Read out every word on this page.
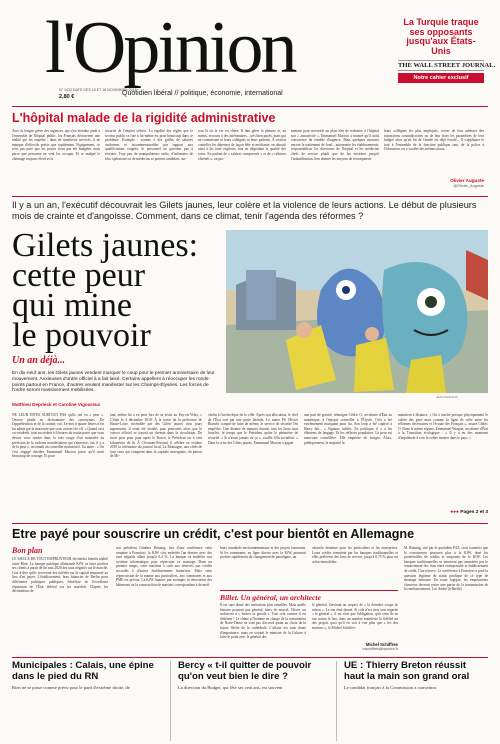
l'Opinion
N° 1432 DATÉ DES 15 ET 16 NOVEMBRE 2018
2,80 €	Quotidien libéral // politique, économie, international
La Turquie traque ses opposants jusqu'aux États-Unis
THE WALL STREET JOURNAL.
Notre cahier exclusif
L'hôpital malade de la rigidité administrative
Avec la longue grève des urgences, qui s'est étendue jeudi à l'ensemble de l'hôpital public, les Français découvrent une réalité qui les stupéfie : dans de nombreux services, il ne manque d'effectifs précis que rapidement l'équipement, ce n'est pas pure que les postes n'ont pas été budgétés mais parce que personne ne veut les occuper. Et ce malgré le chômage toujours élevé et la
sécurité de l'emploi offerte. La rigidité des règles que le secteur public se fixe à lui-même est pour beaucoup dans ce problème. Exemple : soumis à des grilles de salaires uniformes et incommensurables par rapport aux qualifications exigées, le personnel ne parvient pas à recruter. Trop peu de manipulateurs radio, d'infirmiers de bloc opératoire ou de médecins se portent candidats, sur-
tout là où la vie est chère. Il faut gérer la pénurie et, au mieux, recourir à des intérimaires... très bien payés, mais qui ne connaissent ni leurs collègues ni leurs patients. À vouloir contrôler les dépenses de façon bête et méchante, on aboutit ainsi à les faire exploser, tout en dégradant la qualité des soins. En parlant de « salaires compressés » et de « rythmes effrénés », on pro-
mettant pour mercredi un plan afin de redonner à l'hôpital son « attractivité », Emmanuel Macron a montré qu'il avait conscience du remède d'urgence. Mais quelques mesures encore le traitement de fond : autonomie les établissements, responsabiliser les directeurs de l'hôpital et les médecins chefs de service plutôt que de les encadrer jusqu'à l'infantilisation, leur donner les moyens de récompenser
leurs collègues les plus impliqués, cesser de leur adresser des injonctions contradictoires ou de leur fixer les paramètres de leur budget alors qu'en fin de l'année est déjà écoulé... Il s'appliquer le tout à l'ensemble de la fonction publique tant, de la police à l'éducation, on y souffre des mêmes maux.
Olivier Auguste
@Olivier_Auguste
Il y a un an, l'exécutif découvrait les Gilets jaunes, leur colère et la violence de leurs actions. Le début de plusieurs mois de crainte et d'angoisse. Comment, dans ce climat, tenir l'agenda des réformes ?
Gilets jaunes:
cette peur
qui mine
le pouvoir
JEAN FRANCIS
Un an déjà...
En dix-neuf ans, les Gilets jaunes vendent marquer le coup pour le premier anniversaire de leur mouvement. Anxieuses d'ordre officiel à a fait laisé. Certains appellent à réoccuper les ronds-points partout en France, d'autres veulent manifester sur les Champs-Élysées. Les forces de l'ordre seront massivement mobilisées.
Matthieu Deprieck et Caroline Vigoureux
NE LEUR DITES SURTOUT PAS qu'ils ont eu « peur ». Oeuvre plutôt en dictionnaire des synonymes. De l'appréhension et de la crainte, oui. Le mot à quatre lettres n'est lui admis par la macronie que sous couvert de off. « Quand on a vu vendredi, tous succèdent à 6 heures du matin parce que vous deviez vous rendre dans la voie rouge d'un ministère en prévision de la violente manifestation qui s'annonce, oui, il y a de la peur », reconnaît un conseiller ministériel. Un autre : « On s'est engagé derrière Emmanuel Macron parce qu'il avait beaucoup de courage. Et pour
tant, même lui a eu peur lors de sa visite au Puy-en-Velay. » C'était le 4 décembre 2018. À la sortie de la préfecture de Haute-Loire, incendiée par des Gilets jaunes trois jours auparavant, il avait été insulté, puis poursuivi alors que le convoi officiel se frayait un chemin dans la circulation. De mois pour pour pour après le Bosco, le Président est à cent kilomètres de là. À Clermont-Ferrand, il célèbre en octobre 2019 la cérémonie du journal local, La Montagne, aux côtés de tous ceux qui comptent dans la capitale auvergnate, du patron de Mi-
chelin à l'archevêque de la ville. Après son allocution, le chef de l'État sort par une porte latérale. Le maire PS Olivier Bianchi compte de faire de même, le service de sécurité l'en empêche. Une dizaine de minutes durant, tous les lieux sont bouclés, le temps que le Président quitte le périmètre de sécurité. « Je n'avais jamais vu ça », souffle l'élu socialiste. « Dans la crise des Gilets jaunes, Emmanuel Macron a gagné
une part de gravité, témoigne Cédric O, secrétaire d'État au numérique, à l'époque conseiller à l'Élysée. Cela a été extrêmement marquant pour lui. Son loup a été captivé à Harry fait... » Signaux faibles. En politique, il y a les éléments de langage. Et les réflexes populaires. La peur est mauvaise conseillère. Elle empêche de bouger. Alors, publiquement, la majorité la
maintient à distance. « On a touché presque physiquement le colère des gens mais comme la ligne de crête entre les réformes nécessaires et l'écoute des Français », assure Cédric O. Dans le même régime, Emmanuel Wargon, secrétaire d'État à la Transition écologique : « Il y a eu des moments d'inquiétude à voir la colère monter dans le pays. »
●●● Pages 2 et 3
Etre payé pour souscrire un crédit, c'est pour bientôt en Allemagne
Bon plan
LE SIÈCLE DE TOUT EMPRUNTEUR deviendra bientôt réalité outre-Rhin. La banque publique allemande KfW va faire profiter ses clients à partir de fin mai 2020 des taux négatifs sur le marché. Cest-à-dire qu'ils recevront des intérêts sur le capital emprunté au lieu d'en payer. L'établissement, bras financier de Berlin pour différentes politiques publiques, bénéficie de l'excellente réputation de l'État fédéral sur les marchés. D'après les déclarations de
son président Günther Bräunig, lors d'une conférence cette semaine à Francfort, la KfW s'est endettée l'an dernier avec des taux négatifs allant jusqu'à 0,4 %. La banque va modifier son système informatique pour répercuter ce montage. Dans un premier temps, cette machine à cash aux réserves aux crédits accordés à d'autres établissements financiers. Mais cette répercussion de la manne aux particuliers, aux communes et aux PME est prévue. La KfW finance, par exemple, la rénovation des bâtiments ou la construction de maisons correspondant à de meil-
leurs standards environnementaux et des projets innovants. Si les communes, en ligne directe avec la KfW, pourront profiter rapidement du changement de paradigme, un
obstacle demeure pour les particuliers et les entreprises. Leurs crédits transitent par les banques traditionnelles et elles prélèvent des frais de service, jusqu'à 0,75 % pour un achat immobilier.
M. Bräunig, cité par le quotidien FAZ, croit toutefois que la concurrence poussera plus à la KfW, dont les portefeuilles de crédits et emprunts de la KfW. Les banques traditionnelles se montrent pas amuséées par le renoncement des frais entre entreprendre et établissement de crédit. Une réserve : la conférence à Francfort a posé la question légitime du statut juridique de ce type de montage bancaire. En toute logique, les emprunteurs chanceux devront rester une partie de la transmission de la remboursement. Luc André (à Berlin)
Billet. Un général, un architecte
Il est sans doute des invitations plus aimables. Mais quelle histoire pourrait pas général, hiers de nouvel, l'hiver, un architecte à « fermer sa gueule ». Tout cela comme il est différent ! Le chêne a l'homme en charge de la restauration de Notre-Dame ne sont pas d'accord quant au choix de la future flèche de la cathédrale. L'affaire est sans doute d'importance, mais en voyant le ministre de la Culture à faire le point avec le général des
le général, l'invitant au respect de « la dernière coupe de raison ». Le ton était donné. Si cela n'est rien, tout regarde « le général », il est n'est que l'obligation, qu'à cette ils en ont connu le lieu, dans un nombre manifeste la fidélité un des projets quoi qu'il en soit à vue plus que « les des moteurs », le Michel Schiffres
Michel Schiffres
mschiffres@lopinion.fr
Municipales : Calais, une épine dans le pied du RN
Rien ne se passe comme prévu pour le parti d'extrême droite, de
Bercy « t-il quitter de pouvoir qu'on veut bien le dire ?
La direction du Budget, qui fête ses cent ans, est souvent
UE : Thierry Breton réussit haut la main son grand oral
Le candidat français à la Commission a convaincu
